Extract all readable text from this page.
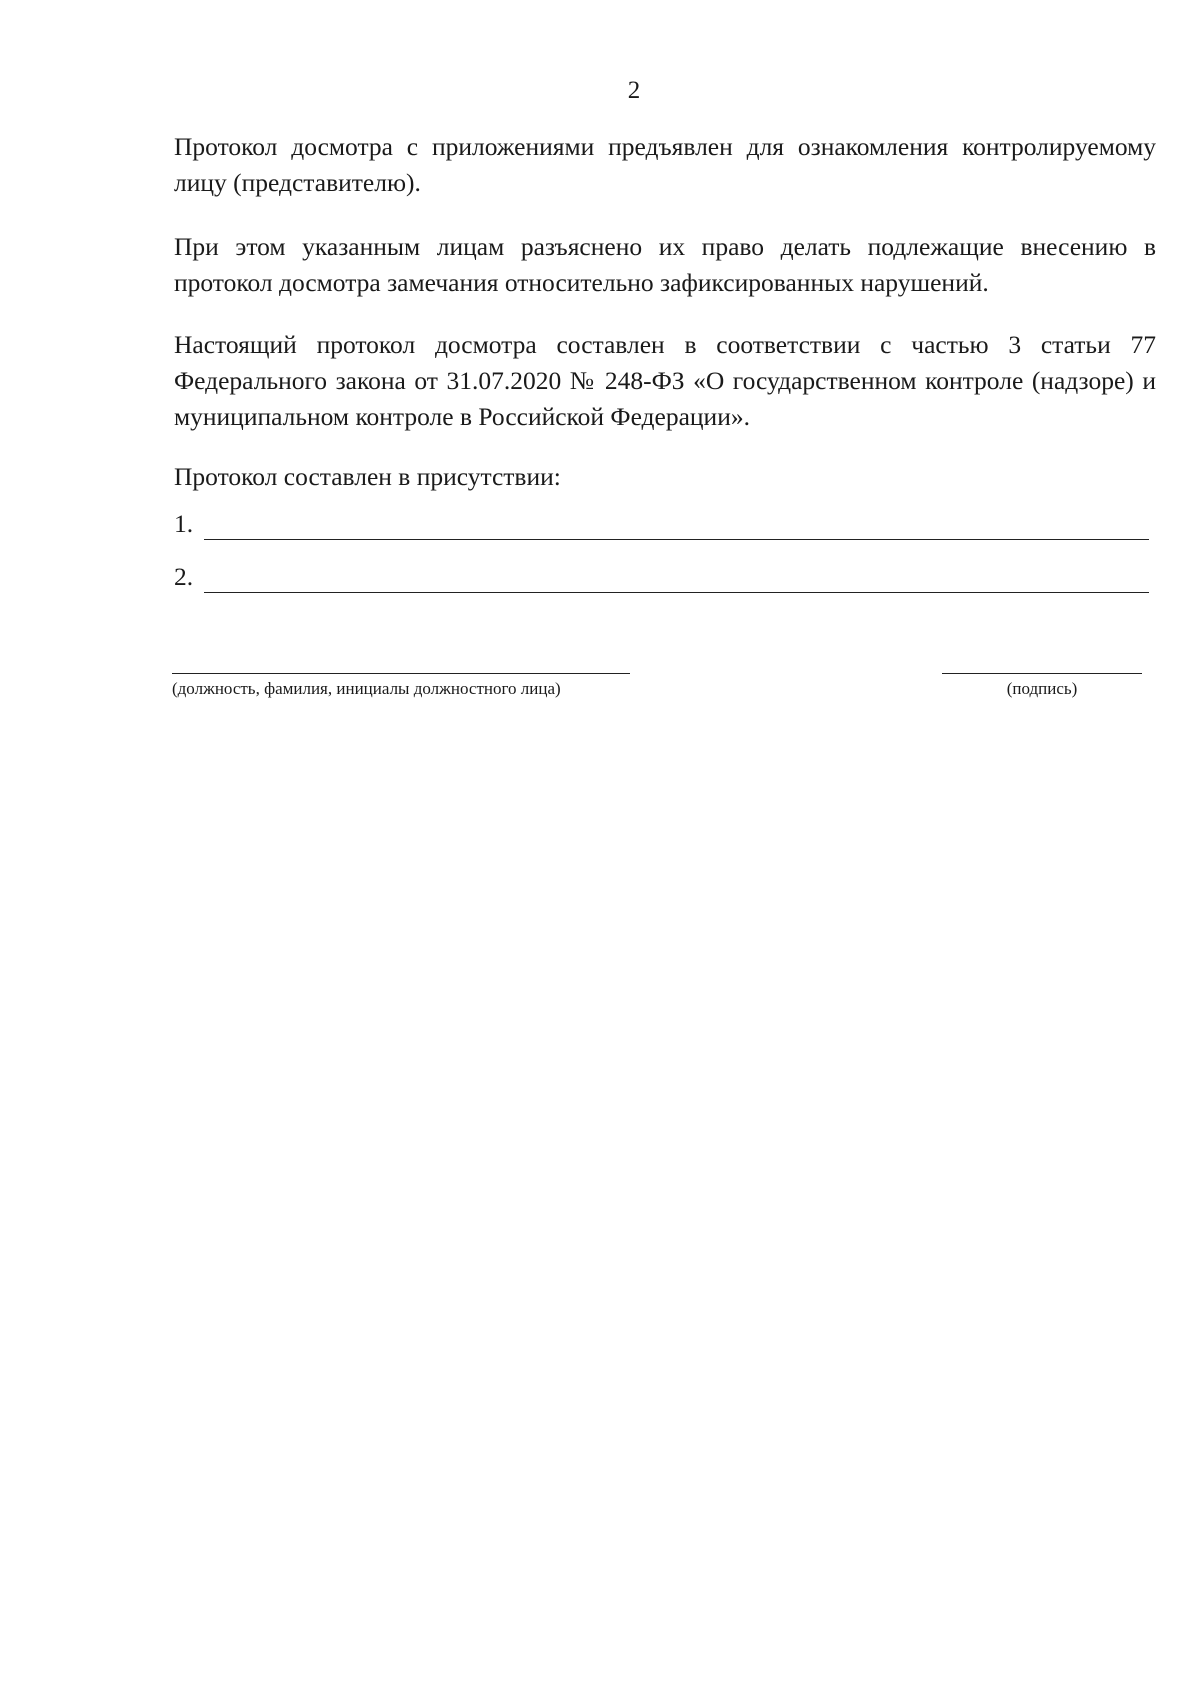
2
Протокол досмотра с приложениями предъявлен для ознакомления контролируемому лицу (представителю).
При этом указанным лицам разъяснено их право делать подлежащие внесению в протокол досмотра замечания относительно зафиксированных нарушений.
Настоящий протокол досмотра составлен в соответствии с частью 3 статьи 77 Федерального закона от 31.07.2020 № 248-ФЗ «О государственном контроле (надзоре) и муниципальном контроле в Российской Федерации».
Протокол составлен в присутствии:
1.
2.
(должность, фамилия, инициалы должностного лица)	(подпись)
